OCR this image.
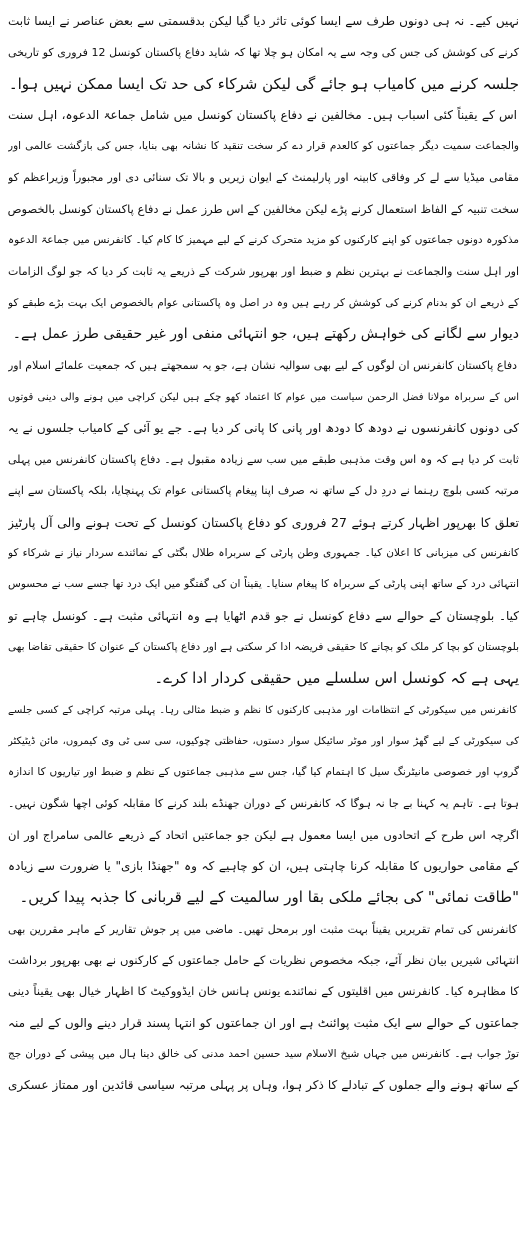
نہیں کیے۔ نہ ہی دونوں طرف سے ایسا کوئی تاثر دیا گیا لیکن بدقسمتی سے بعض عناصر نے ایسا ثابت
کرنے کی کوشش کی جس کی وجہ سے یہ امکان ہو چلا تھا کہ شاید دفاع پاکستان کونسل 12 فروری کو تاریخی
جلسہ کرنے میں کامیاب ہو جائے گی لیکن شرکاء کی حد تک ایسا ممکن نہیں ہوا۔
اس کے یقیناً کئی اسباب ہیں۔ مخالفین نے دفاع پاکستان کونسل میں شامل جماعۃ الدعوہ، اہل سنت
والجماعت سمیت دیگر جماعتوں کو کالعدم قرار دے کر سخت تنقید کا نشانہ بھی بنایا، جس کی بازگشت عالمی اور
مقامی میڈیا سے لے کر وفاقی کابینہ اور پارلیمنٹ کے ایوان زیریں و بالا تک سنائی دی اور مجبوراً وزیراعظم کو
سخت تنبیہ کے الفاظ استعمال کرنے پڑے لیکن مخالفین کے اس طرز عمل نے دفاع پاکستان کونسل بالخصوص
مذکورہ دونوں جماعتوں کو اپنے کارکنوں کو مزید متحرک کرنے کے لیے مہمیز کا کام کیا۔ کانفرنس میں جماعۃ الدعوہ
اور اہل سنت والجماعت نے بہترین نظم و ضبط اور بھرپور شرکت کے ذریعے یہ ثابت کر دیا کہ جو لوگ الزامات
کے ذریعے ان کو بدنام کرنے کی کوشش کر رہے ہیں وہ در اصل وہ پاکستانی عوام بالخصوص ایک بہت بڑے طبقے کو
دیوار سے لگانے کی خواہش رکھتے ہیں، جو انتہائی منفی اور غیر حقیقی طرز عمل ہے۔
دفاع پاکستان کانفرنس ان لوگوں کے لیے بھی سوالیہ نشان ہے، جو یہ سمجھتے ہیں کہ جمعیت علمائے اسلام اور
اس کے سربراہ مولانا فضل الرحمن سیاست میں عوام کا اعتماد کھو چکے ہیں لیکن کراچی میں ہونے والی دینی قوتوں
کی دونوں کانفرنسوں نے دودھ کا دودھ اور پانی کا پانی کر دیا ہے۔ جے یو آئی کے کامیاب جلسوں نے یہ
ثابت کر دیا ہے کہ وہ اس وقت مذہبی طبقے میں سب سے زیادہ مقبول ہے۔ دفاع پاکستان کانفرنس میں پہلی
مرتبہ کسی بلوچ رہنما نے دردِ دل کے ساتھ نہ صرف اپنا پیغام پاکستانی عوام تک پہنچایا، بلکہ پاکستان سے اپنے
تعلق کا بھرپور اظہار کرتے ہوئے 27 فروری کو دفاع پاکستان کونسل کے تحت ہونے والی آل پارٹیز
کانفرنس کی میزبانی کا اعلان کیا۔ جمہوری وطن پارٹی کے سربراہ طلال بگٹی کے نمائندے سردار نیاز نے شرکاء کو
انتہائی درد کے ساتھ اپنی پارٹی کے سربراہ کا پیغام سنایا۔ یقیناً ان کی گفتگو میں ایک درد تھا جسے سب نے محسوس
کیا۔ بلوچستان کے حوالے سے دفاع کونسل نے جو قدم اٹھایا ہے وہ انتہائی مثبت ہے۔ کونسل چاہے تو
بلوچستان کو بچا کر ملک کو بچانے کا حقیقی فریضہ ادا کر سکتی ہے اور دفاع پاکستان کے عنوان کا حقیقی تقاضا بھی
یہی ہے کہ کونسل اس سلسلے میں حقیقی کردار ادا کرے۔
کانفرنس میں سیکورٹی کے انتظامات اور مذہبی کارکنوں کا نظم و ضبط مثالی رہا۔ پہلی مرتبہ کراچی کے کسی جلسے
کی سیکورٹی کے لیے گھڑ سوار اور موٹر سائیکل سوار دستوں، حفاظتی چوکیوں، سی سی ٹی وی کیمروں، مائن ڈیٹیکٹر
گروپ اور خصوصی مانیٹرنگ سیل کا اہتمام کیا گیا، جس سے مذہبی جماعتوں کے نظم و ضبط اور تیاریوں کا اندازہ
ہوتا ہے۔ تاہم یہ کہنا بے جا نہ ہوگا کہ کانفرنس کے دوران جھنڈے بلند کرنے کا مقابلہ کوئی اچھا شگون نہیں۔
اگرچہ اس طرح کے اتحادوں میں ایسا معمول ہے لیکن جو جماعتیں اتحاد کے ذریعے عالمی سامراج اور ان
کے مقامی حواریوں کا مقابلہ کرنا چاہتی ہیں، ان کو چاہیے کہ وہ "جھنڈا بازی" یا ضرورت سے زیادہ
"طاقت نمائی" کی بجائے ملکی بقا اور سالمیت کے لیے قربانی کا جذبہ پیدا کریں۔
کانفرنس کی تمام تقریریں یقیناً بہت مثبت اور برمحل تھیں۔ ماضی میں پر جوش تقاریر کے ماہر مقررین بھی
انتہائی شیریں بیان نظر آئے، جبکہ مخصوص نظریات کے حامل جماعتوں کے کارکنوں نے بھی بھرپور برداشت
کا مظاہرہ کیا۔ کانفرنس میں اقلیتوں کے نمائندے یونس ہانس خان ایڈووکیٹ کا اظہار خیال بھی یقیناً دینی
جماعتوں کے حوالے سے ایک مثبت پوائنٹ ہے اور ان جماعتوں کو انتہا پسند قرار دینے والوں کے لیے منہ
توڑ جواب ہے۔ کانفرنس میں جہاں شیخ الاسلام سید حسین احمد مدنی کی خالق دینا ہال میں پیشی کے دوران جج
کے ساتھ ہونے والے جملوں کے تبادلے کا ذکر ہوا، وہاں پر پہلی مرتبہ سیاسی قائدین اور ممتاز عسکری
